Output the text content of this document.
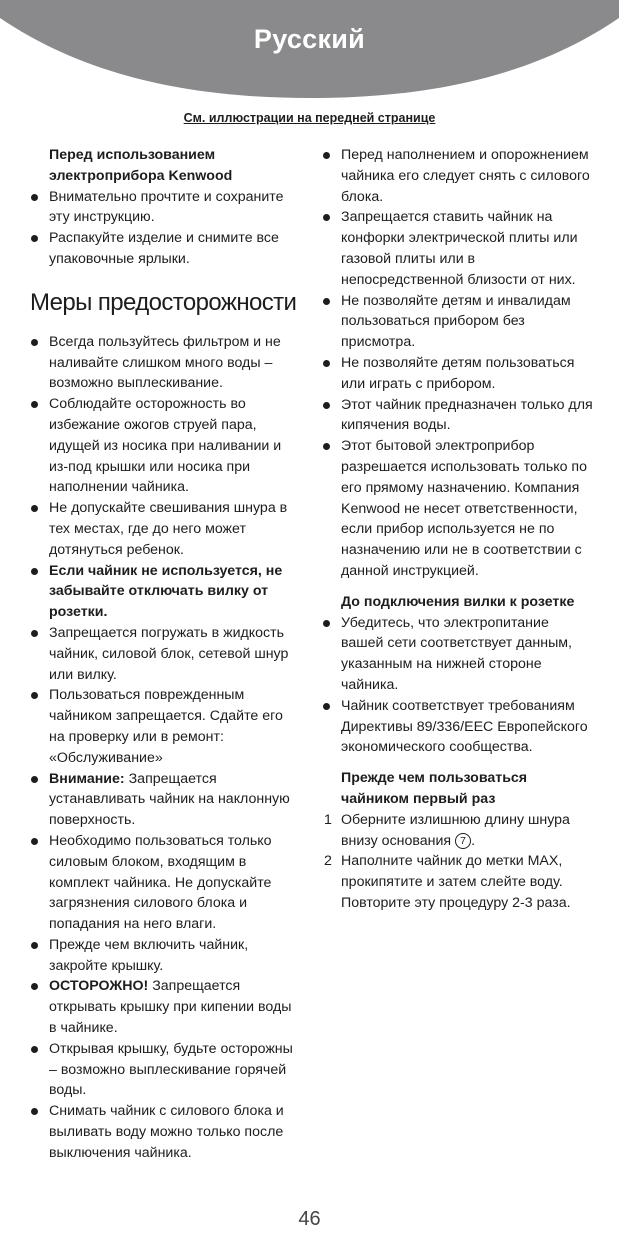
Русский
См. иллюстрации на передней странице
Перед использованием электроприбора Kenwood
Внимательно прочтите и сохраните эту инструкцию.
Распакуйте изделие и снимите все упаковочные ярлыки.
Меры предосторожности
Всегда пользуйтесь фильтром и не наливайте слишком много воды – возможно выплескивание.
Соблюдайте осторожность во избежание ожогов струей пара, идущей из носика при наливании и из-под крышки или носика при наполнении чайника.
Не допускайте свешивания шнура в тех местах, где до него может дотянуться ребенок.
Если чайник не используется, не забывайте отключать вилку от розетки.
Запрещается погружать в жидкость чайник, силовой блок, сетевой шнур или вилку.
Пользоваться поврежденным чайником запрещается. Сдайте его на проверку или в ремонт: «Обслуживание»
Внимание: Запрещается устанавливать чайник на наклонную поверхность.
Необходимо пользоваться только силовым блоком, входящим в комплект чайника. Не допускайте загрязнения силового блока и попадания на него влаги.
Прежде чем включить чайник, закройте крышку.
ОСТОРОЖНО! Запрещается открывать крышку при кипении воды в чайнике.
Открывая крышку, будьте осторожны – возможно выплескивание горячей воды.
Снимать чайник с силового блока и выливать воду можно только после выключения чайника.
Перед наполнением и опорожнением чайника его следует снять с силового блока.
Запрещается ставить чайник на конфорки электрической плиты или газовой плиты или в непосредственной близости от них.
Не позволяйте детям и инвалидам пользоваться прибором без присмотра.
Не позволяйте детям пользоваться или играть с прибором.
Этот чайник предназначен только для кипячения воды.
Этот бытовой электроприбор разрешается использовать только по его прямому назначению. Компания Kenwood не несет ответственности, если прибор используется не по назначению или не в соответствии с данной инструкцией.
До подключения вилки к розетке
Убедитесь, что электропитание вашей сети соответствует данным, указанным на нижней стороне чайника.
Чайник соответствует требованиям Директивы 89/336/EEC Европейского экономического сообщества.
Прежде чем пользоваться чайником первый раз
1 Оберните излишнюю длину шнура внизу основания 7 .
2 Наполните чайник до метки MAX, прокипятите и затем слейте воду. Повторите эту процедуру 2-3 раза.
46
